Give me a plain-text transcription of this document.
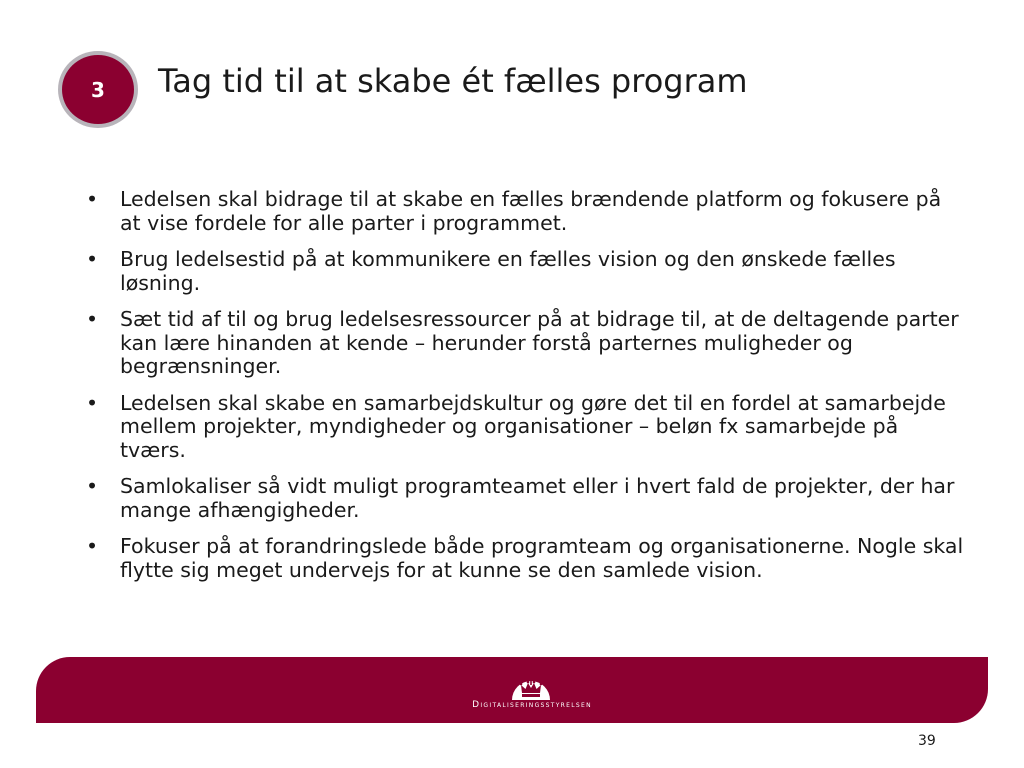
3 Tag tid til at skabe ét fælles program
• Ledelsen skal bidrage til at skabe en fælles brændende platform og fokusere på at vise fordele for alle parter i programmet.
• Brug ledelsestid på at kommunikere en fælles vision og den ønskede fælles løsning.
• Sæt tid af til og brug ledelsesressourcer på at bidrage til, at de deltagende parter kan lære hinanden at kende – herunder forstå parternes muligheder og begrænsninger.
• Ledelsen skal skabe en samarbejdskultur og gøre det til en fordel at samarbejde mellem projekter, myndigheder og organisationer – beløn fx samarbejde på tværs.
• Samlokaliser så vidt muligt programteamet eller i hvert fald de projekter, der har mange afhængigheder.
• Fokuser på at forandringslede både programteam og organisationerne. Nogle skal flytte sig meget undervejs for at kunne se den samlede vision.
Digitaliseringsstyrelsen
39
